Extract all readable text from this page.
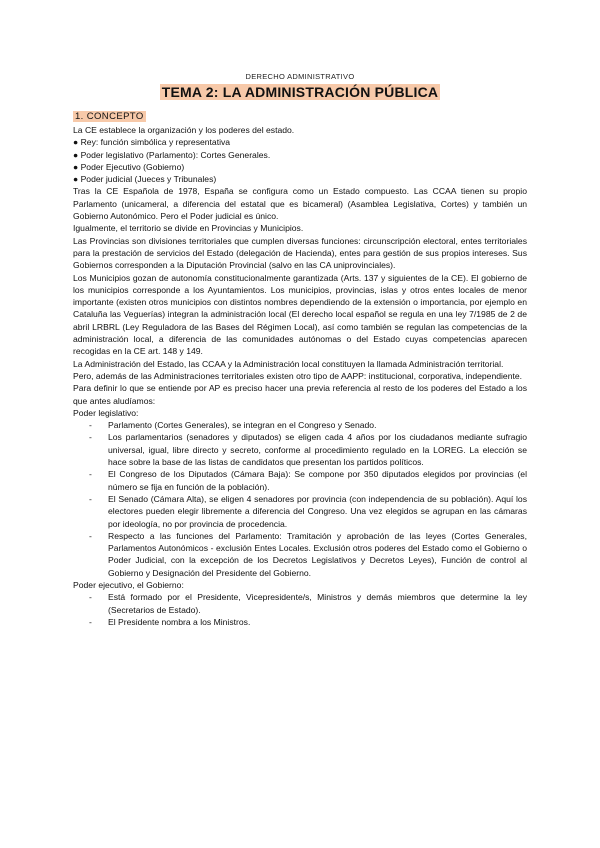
DERECHO ADMINISTRATIVO
TEMA 2: LA ADMINISTRACIÓN PÚBLICA
1. CONCEPTO

La CE establece la organización y los poderes del estado.

● Rey: función simbólica y representativa
● Poder legislativo (Parlamento): Cortes Generales.
● Poder Ejecutivo (Gobierno)
● Poder judicial (Jueces y Tribunales)

Tras la CE Española de 1978, España se configura como un Estado compuesto. Las CCAA tienen su propio Parlamento (unicameral, a diferencia del estatal que es bicameral) (Asamblea Legislativa, Cortes) y también un Gobierno Autonómico. Pero el Poder judicial es único.

Igualmente, el territorio se divide en Provincias y Municipios.

Las Provincias son divisiones territoriales que cumplen diversas funciones: circunscripción electoral, entes territoriales para la prestación de servicios del Estado (delegación de Hacienda), entes para gestión de sus propios intereses. Sus Gobiernos corresponden a la Diputación Provincial (salvo en las CA uniprovinciales).

Los Municipios gozan de autonomía constitucionalmente garantizada (Arts. 137 y siguientes de la CE). El gobierno de los municipios corresponde a los Ayuntamientos. Los municipios, provincias, islas y otros entes locales de menor importante (existen otros municipios con distintos nombres dependiendo de la extensión o importancia, por ejemplo en Cataluña las Veguerías) integran la administración local (El derecho local español se regula en una ley 7/1985 de 2 de abril LRBRL (Ley Reguladora de las Bases del Régimen Local), así como también se regulan las competencias de la administración local, a diferencia de las comunidades autónomas o del Estado cuyas competencias aparecen recogidas en la CE art. 148 y 149.

La Administración del Estado, las CCAA y la Administración local constituyen la llamada Administración territorial.

Pero, además de las Administraciones territoriales existen otro tipo de AAPP: institucional, corporativa, independiente.

Para definir lo que se entiende por AP es preciso hacer una previa referencia al resto de los poderes del Estado a los que antes aludíamos:

Poder legislativo:
- Parlamento (Cortes Generales), se integran en el Congreso y Senado.
- Los parlamentarios (senadores y diputados) se eligen cada 4 años por los ciudadanos mediante sufragio universal, igual, libre directo y secreto, conforme al procedimiento regulado en la LOREG. La elección se hace sobre la base de las listas de candidatos que presentan los partidos políticos.
- El Congreso de los Diputados (Cámara Baja): Se compone por 350 diputados elegidos por provincias (el número se fija en función de la población).
- El Senado (Cámara Alta), se eligen 4 senadores por provincia (con independencia de su población). Aquí los electores pueden elegir libremente a diferencia del Congreso. Una vez elegidos se agrupan en las cámaras por ideología, no por provincia de procedencia.
- Respecto a las funciones del Parlamento: Tramitación y aprobación de las leyes (Cortes Generales, Parlamentos Autonómicos - exclusión Entes Locales. Exclusión otros poderes del Estado como el Gobierno o Poder Judicial, con la excepción de los Decretos Legislativos y Decretos Leyes), Función de control al Gobierno y Designación del Presidente del Gobierno.
Poder ejecutivo, el Gobierno:
- Está formado por el Presidente, Vicepresidente/s, Ministros y demás miembros que determine la ley (Secretarios de Estado).
- El Presidente nombra a los Ministros.
